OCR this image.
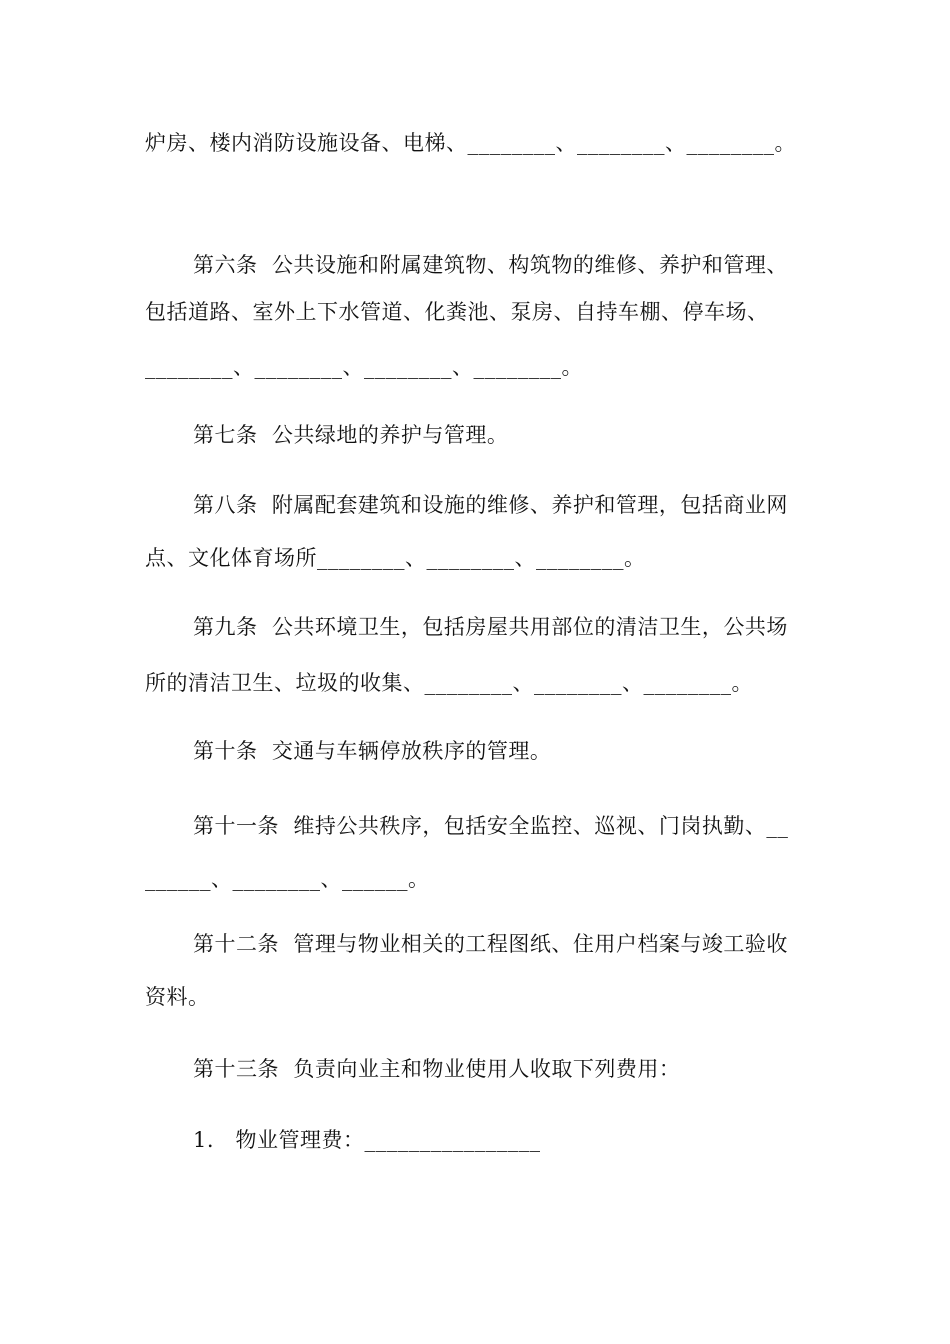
炉房、楼内消防设施设备、电梯、________、________、________。
第六条  公共设施和附属建筑物、构筑物的维修、养护和管理、
包括道路、室外上下水管道、化粪池、泵房、自持车棚、停车场、
________、________、________、________。
第七条  公共绿地的养护与管理。
第八条  附属配套建筑和设施的维修、养护和管理，包括商业网
点、文化体育场所________、________、________。
第九条  公共环境卫生，包括房屋共用部位的清洁卫生，公共场
所的清洁卫生、垃圾的收集、________、________、________。
第十条  交通与车辆停放秩序的管理。
第十一条  维持公共秩序，包括安全监控、巡视、门岗执勤、__
______、________、______。
第十二条  管理与物业相关的工程图纸、住用户档案与竣工验收
资料。
第十三条  负责向业主和物业使用人收取下列费用：
1.   物业管理费：________________
